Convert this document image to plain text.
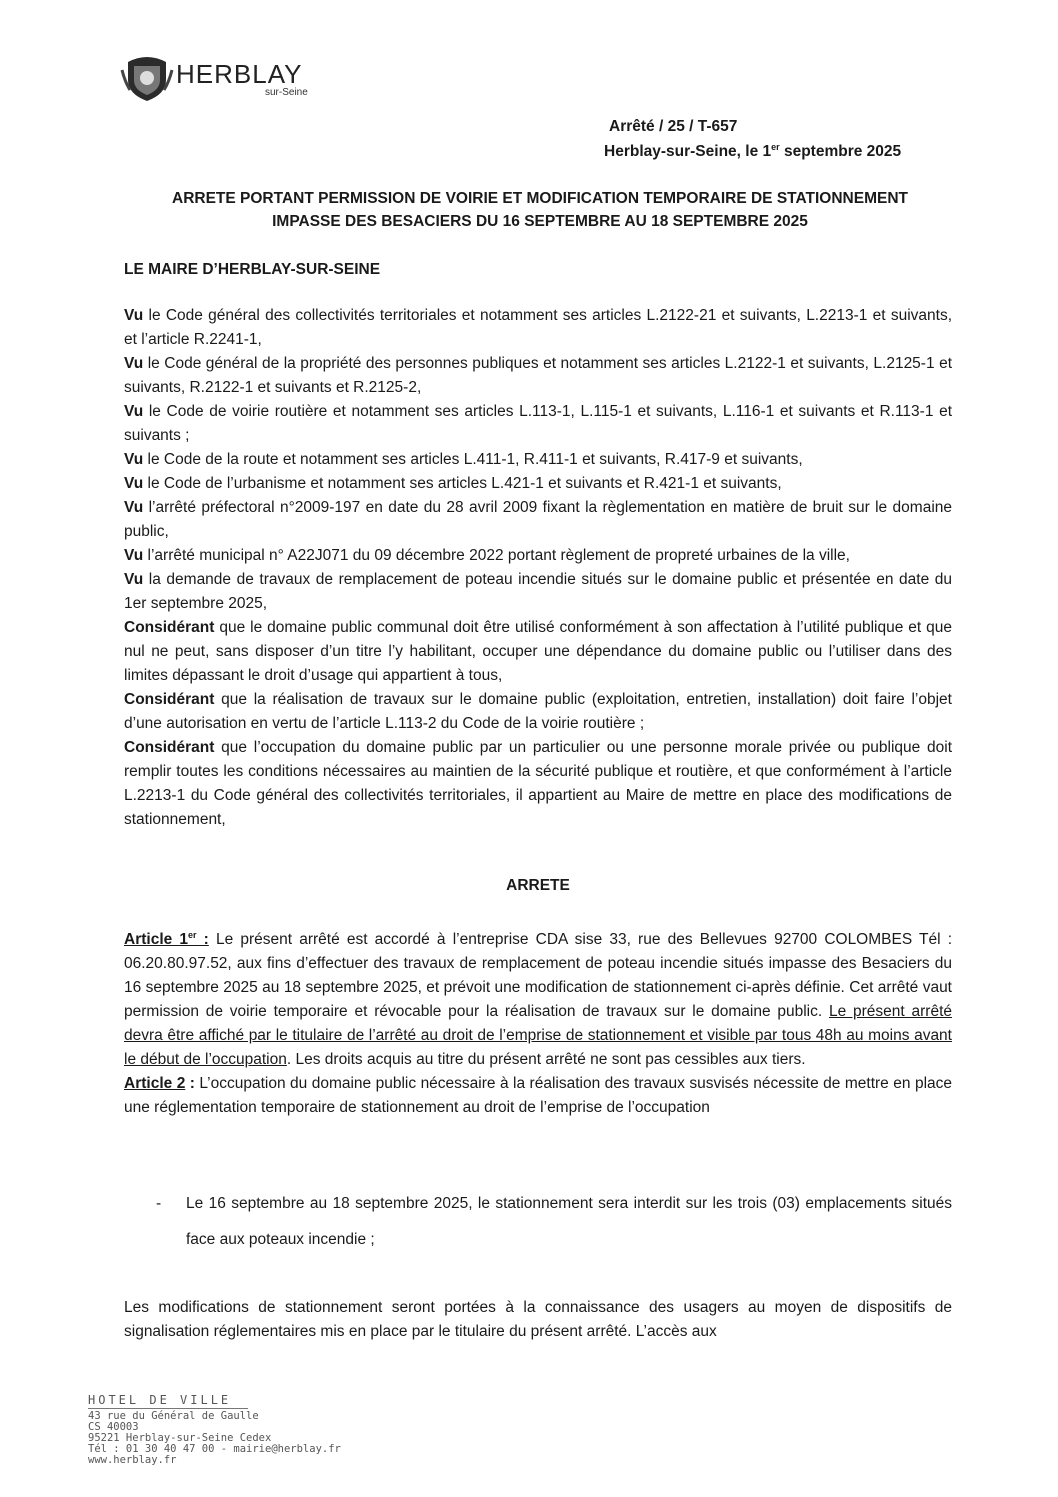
HERBLAY
sur-Seine
Arrêté / 25 / T-657
Herblay-sur-Seine, le 1er septembre 2025
ARRETE PORTANT PERMISSION DE VOIRIE ET MODIFICATION TEMPORAIRE DE STATIONNEMENT
IMPASSE DES BESACIERS DU 16 SEPTEMBRE AU 18 SEPTEMBRE 2025
LE MAIRE D’HERBLAY-SUR-SEINE

Vu le Code général des collectivités territoriales et notamment ses articles L.2122-21 et suivants, L.2213-1 et suivants, et l’article R.2241-1,

Vu le Code général de la propriété des personnes publiques et notamment ses articles L.2122-1 et suivants, L.2125-1 et suivants, R.2122-1 et suivants et R.2125-2,

Vu le Code de voirie routière et notamment ses articles L.113-1, L.115-1 et suivants, L.116-1 et suivants et R.113-1 et suivants ;

Vu le Code de la route et notamment ses articles L.411-1, R.411-1 et suivants, R.417-9 et suivants,

Vu le Code de l’urbanisme et notamment ses articles L.421-1 et suivants et R.421-1 et suivants,

Vu l’arrêté préfectoral n°2009-197 en date du 28 avril 2009 fixant la règlementation en matière de bruit sur le domaine public,

Vu l’arrêté municipal n° A22J071 du 09 décembre 2022 portant règlement de propreté urbaines de la ville,

Vu la demande de travaux de remplacement de poteau incendie situés sur le domaine public et présentée en date du 1er septembre 2025,

Considérant que le domaine public communal doit être utilisé conformément à son affectation à l’utilité publique et que nul ne peut, sans disposer d’un titre l’y habilitant, occuper une dépendance du domaine public ou l’utiliser dans des limites dépassant le droit d’usage qui appartient à tous,

Considérant que la réalisation de travaux sur le domaine public (exploitation, entretien, installation) doit faire l’objet d’une autorisation en vertu de l’article L.113-2 du Code de la voirie routière ;

Considérant que l’occupation du domaine public par un particulier ou une personne morale privée ou publique doit remplir toutes les conditions nécessaires au maintien de la sécurité publique et routière, et que conformément à l’article L.2213-1 du Code général des collectivités territoriales, il appartient au Maire de mettre en place des modifications de stationnement,

ARRETE

Article 1er : Le présent arrêté est accordé à l’entreprise CDA sise 33, rue des Bellevues 92700 COLOMBES Tél : 06.20.80.97.52, aux fins d’effectuer des travaux de remplacement de poteau incendie situés impasse des Besaciers du 16 septembre 2025 au 18 septembre 2025, et prévoit une modification de stationnement ci-après définie. Cet arrêté vaut permission de voirie temporaire et révocable pour la réalisation de travaux sur le domaine public. Le présent arrêté devra être affiché par le titulaire de l’arrêté au droit de l’emprise de stationnement et visible par tous 48h au moins avant le début de l’occupation. Les droits acquis au titre du présent arrêté ne sont pas cessibles aux tiers.

Article 2 : L’occupation du domaine public nécessaire à la réalisation des travaux susvisés nécessite de mettre en place une réglementation temporaire de stationnement au droit de l’emprise de l’occupation

- Le 16 septembre au 18 septembre 2025, le stationnement sera interdit sur les trois (03) emplacements situés face aux poteaux incendie ;
Les modifications de stationnement seront portées à la connaissance des usagers au moyen de dispositifs de signalisation réglementaires mis en place par le titulaire du présent arrêté. L’accès aux
HOTEL DE VILLE
43 rue du Général de Gaulle
CS 40003
95221 Herblay-sur-Seine Cedex
Tél : 01 30 40 47 00 - mairie@herblay.fr
www.herblay.fr
